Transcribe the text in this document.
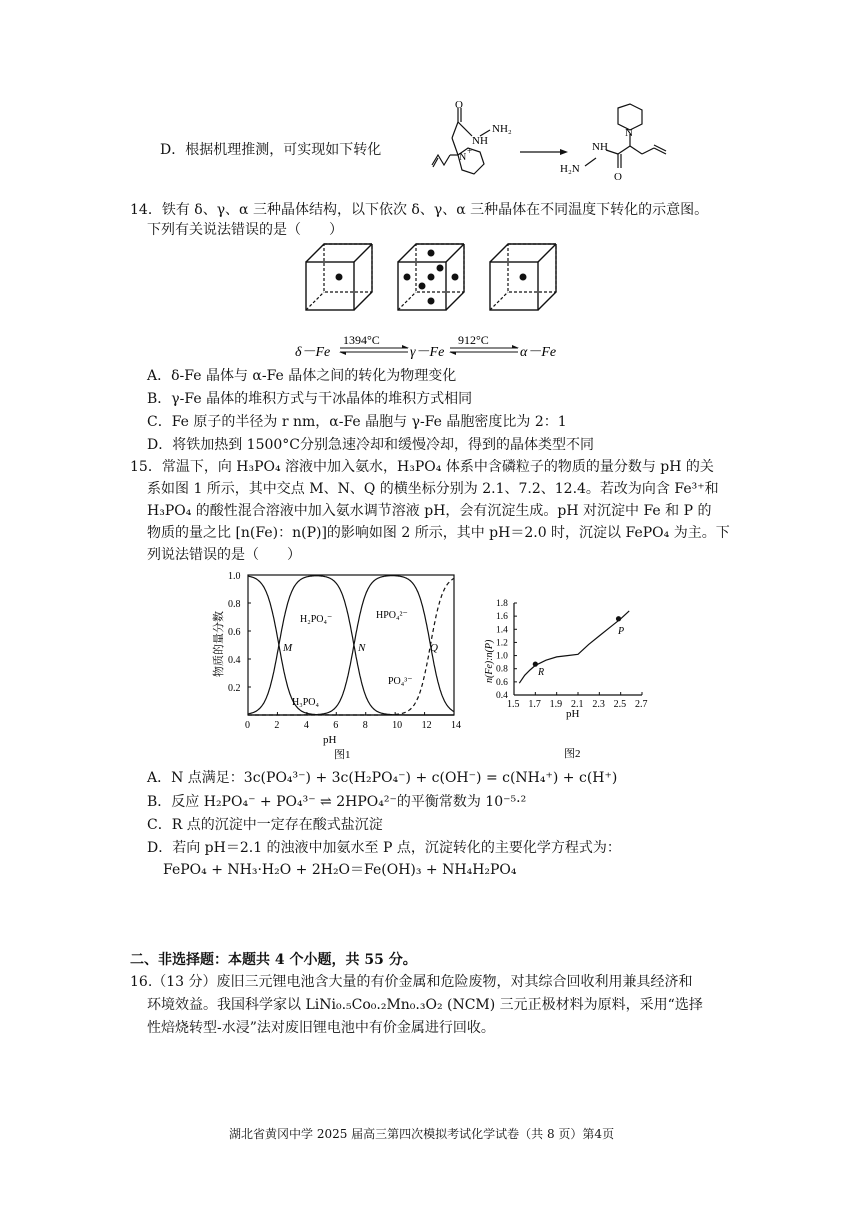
D．根据机理推测，可实现如下转化
O
NH
NH₂
N
+
N
O
NH
H₂N
14．铁有 δ、γ、α 三种晶体结构，以下依次 δ、γ、α 三种晶体在不同温度下转化的示意图。
下列有关说法错误的是（　　）
δ－Fe
1394°C
γ－Fe
912°C
α－Fe
A．δ-Fe 晶体与 α-Fe 晶体之间的转化为物理变化
B．γ-Fe 晶体的堆积方式与干冰晶体的堆积方式相同
C．Fe 原子的半径为 r nm，α-Fe 晶胞与 γ-Fe 晶胞密度比为 2：1
D．将铁加热到 1500°C分别急速冷却和缓慢冷却，得到的晶体类型不同
15．常温下，向 H₃PO₄ 溶液中加入氨水，H₃PO₄ 体系中含磷粒子的物质的量分数与 pH 的关
系如图 1 所示，其中交点 M、N、Q 的横坐标分别为 2.1、7.2、12.4。若改为向含 Fe³⁺和
H₃PO₄ 的酸性混合溶液中加入氨水调节溶液 pH，会有沉淀生成。pH 对沉淀中 Fe 和 P 的
物质的量之比 [n(Fe)：n(P)]的影响如图 2 所示，其中 pH＝2.0 时，沉淀以 FePO₄ 为主。下
列说法错误的是（　　）
0 2 4 6 8 10 12 14
0.2
0.4
0.6
0.8
1.0
图1
pH
物质的量分数	H₂PO₄⁻	HPO₄²⁻
H₃PO₄
PO₄³⁻
M	N	Q
1.5 1.7 1.9 2.1 2.3 2.5 2.7
0.4
0.6
0.8
1.0
1.2
1.4
1.6
1.8
图2
pH
n(Fe):n(P)	R
P
A．N 点满足：3c(PO₄³⁻) + 3c(H₂PO₄⁻) + c(OH⁻) = c(NH₄⁺) + c(H⁺)
B．反应 H₂PO₄⁻ + PO₄³⁻ ⇌ 2HPO₄²⁻的平衡常数为 10⁻⁵·²
C．R 点的沉淀中一定存在酸式盐沉淀
D．若向 pH＝2.1 的浊液中加氨水至 P 点，沉淀转化的主要化学方程式为：
FePO₄ + NH₃·H₂O + 2H₂O＝Fe(OH)₃ + NH₄H₂PO₄
二、非选择题：本题共 4 个小题，共 55 分。
16.（13 分）废旧三元锂电池含大量的有价金属和危险废物，对其综合回收利用兼具经济和
环境效益。我国科学家以 LiNi₀.₅Co₀.₂Mn₀.₃O₂ (NCM) 三元正极材料为原料，采用“选择
性焙烧转型-水浸”法对废旧锂电池中有价金属进行回收。
湖北省黄冈中学 2025 届高三第四次模拟考试化学试卷（共 8 页）第4页
